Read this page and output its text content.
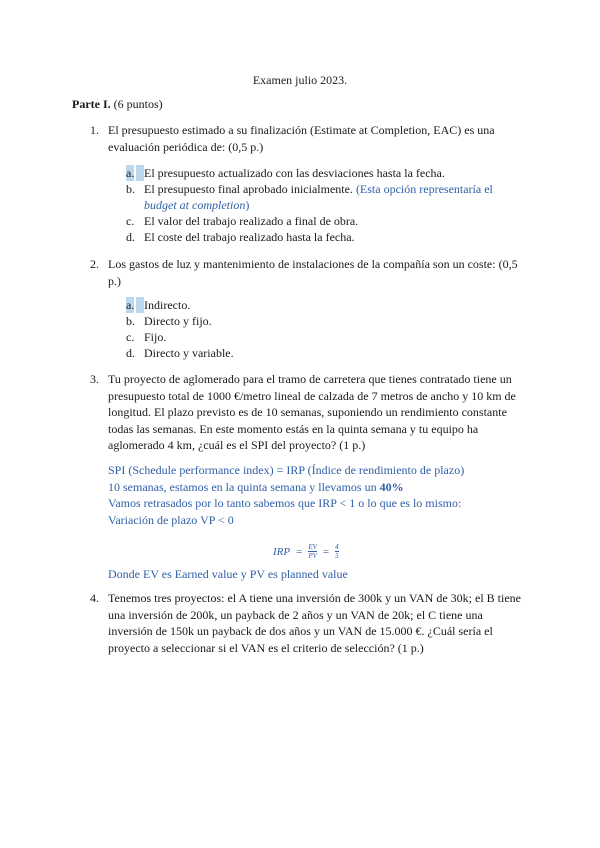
Examen julio 2023.
Parte I. (6 puntos)
1. El presupuesto estimado a su finalización (Estimate at Completion, EAC) es una evaluación periódica de: (0,5 p.)
a. El presupuesto actualizado con las desviaciones hasta la fecha.
b. El presupuesto final aprobado inicialmente. (Esta opción representaría el budget at completion)
c. El valor del trabajo realizado a final de obra.
d. El coste del trabajo realizado hasta la fecha.
2. Los gastos de luz y mantenimiento de instalaciones de la compañía son un coste: (0,5 p.)
a. Indirecto.
b. Directo y fijo.
c. Fijo.
d. Directo y variable.
3. Tu proyecto de aglomerado para el tramo de carretera que tienes contratado tiene un presupuesto total de 1000 €/metro lineal de calzada de 7 metros de ancho y 10 km de longitud. El plazo previsto es de 10 semanas, suponiendo un rendimiento constante todas las semanas. En este momento estás en la quinta semana y tu equipo ha aglomerado 4 km, ¿cuál es el SPI del proyecto? (1 p.)
SPI (Schedule performance index) = IRP (Índice de rendimiento de plazo)
10 semanas, estamos en la quinta semana y llevamos un 40%
Vamos retrasados por lo tanto sabemos que IRP < 1 o lo que es lo mismo:
Variación de plazo VP < 0
IRP = $\frac{EV}{PV} = \frac{4}{5}$
Donde EV es Earned value y PV es planned value
4. Tenemos tres proyectos: el A tiene una inversión de 300k y un VAN de 30k; el B tiene una inversión de 200k, un payback de 2 años y un VAN de 20k; el C tiene una inversión de 150k un payback de dos años y un VAN de 15.000 €. ¿Cuál sería el proyecto a seleccionar si el VAN es el criterio de selección? (1 p.)
